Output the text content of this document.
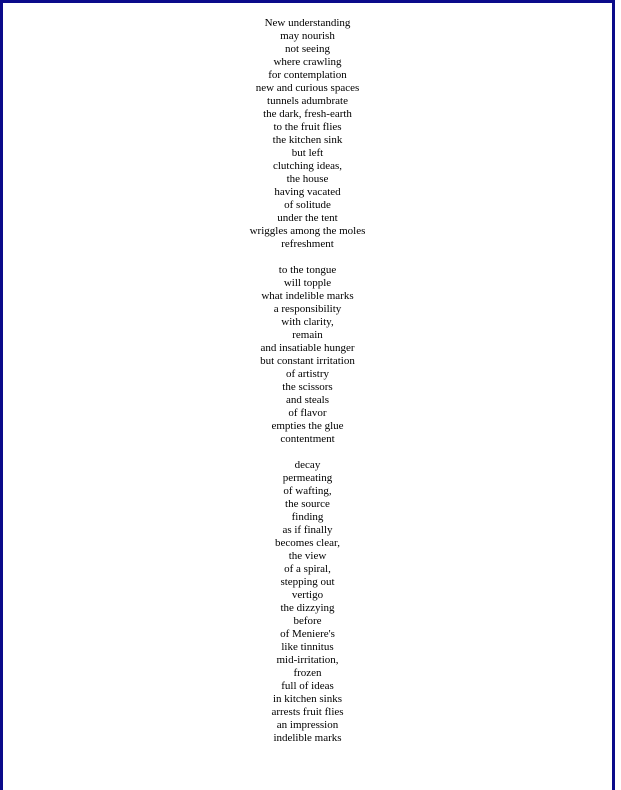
New understanding
may nourish
not seeing
where crawling
for contemplation
new and curious spaces
tunnels adumbrate
the dark, fresh-earth
to the fruit flies
the kitchen sink
but left
clutching ideas,
the house
having vacated
of solitude
under the tent
wriggles among the moles
refreshment
to the tongue
will topple
what indelible marks
a responsibility
with clarity,
remain
and insatiable hunger
but constant irritation
of artistry
the scissors
and steals
of flavor
empties the glue
contentment
decay
permeating
of wafting,
the source
finding
as if finally
becomes clear,
the view
of a spiral,
stepping out
vertigo
the dizzying
before
of Meniere's
like tinnitus
mid-irritation,
frozen
full of ideas
in kitchen sinks
arrests fruit flies
an impression
indelible marks
